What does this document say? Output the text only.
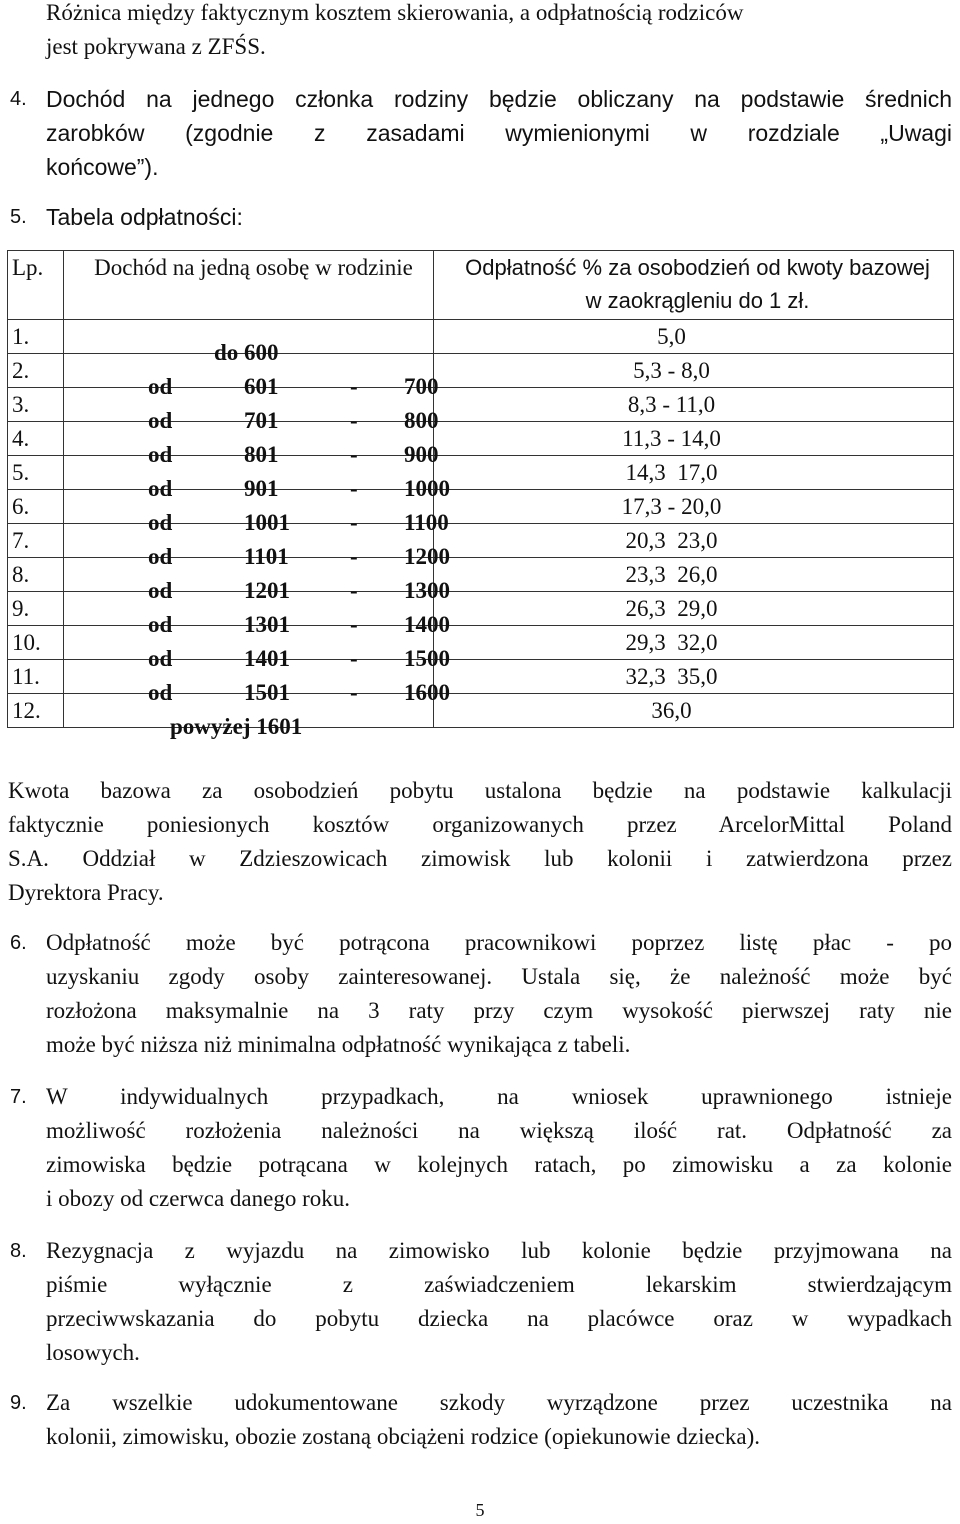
Różnica między faktycznym kosztem skierowania, a odpłatnością rodziców
jest pokrywana z ZFŚS.
4. Dochód na jednego członka rodziny będzie obliczany na podstawie średnich
zarobków (zgodnie z zasadami wymienionymi w rozdziale „Uwagi
końcowe”).
5. Tabela odpłatności:
Lp.	Dochód na jedną osobę w rodzinie	Odpłatność % za osobodzień od kwoty bazowej w zaokrągleniu do 1 zł.
1.	do 600	5,0
2.	od 601 - 700	5,3 - 8,0
3.	od 701 - 800	8,3 - 11,0
4.	od 801 - 900	11,3 - 14,0
5.	od 901 - 1000	14,3  17,0
6.	od 1001 - 1100	17,3 - 20,0
7.	od 1101 - 1200	20,3  23,0
8.	od 1201 - 1300	23,3  26,0
9.	od 1301 - 1400	26,3  29,0
10.	od 1401 - 1500	29,3  32,0
11.	od 1501 - 1600	32,3  35,0
12.	powyżej 1601	36,0
Kwota bazowa za osobodzień pobytu ustalona będzie na podstawie kalkulacji
faktycznie poniesionych kosztów organizowanych przez ArcelorMittal Poland
S.A. Oddział w Zdzieszowicach zimowisk lub kolonii i zatwierdzona przez
Dyrektora Pracy.
6. Odpłatność może być potrącona pracownikowi poprzez listę płac - po
uzyskaniu zgody osoby zainteresowanej. Ustala się, że należność może być
rozłożona maksymalnie na 3 raty przy czym wysokość pierwszej raty nie
może być niższa niż minimalna odpłatność wynikająca z tabeli.
7. W indywidualnych przypadkach, na wniosek uprawnionego istnieje
możliwość rozłożenia należności na większą ilość rat. Odpłatność za
zimowiska będzie potrącana w kolejnych ratach, po zimowisku a za kolonie
i obozy od czerwca danego roku.
8. Rezygnacja z wyjazdu na zimowisko lub kolonie będzie przyjmowana na
piśmie wyłącznie z zaświadczeniem lekarskim stwierdzającym
przeciwwskazania do pobytu dziecka na placówce oraz w wypadkach
losowych.
9. Za wszelkie udokumentowane szkody wyrządzone przez uczestnika na
kolonii, zimowisku, obozie zostaną obciążeni rodzice (opiekunowie dziecka).
5
